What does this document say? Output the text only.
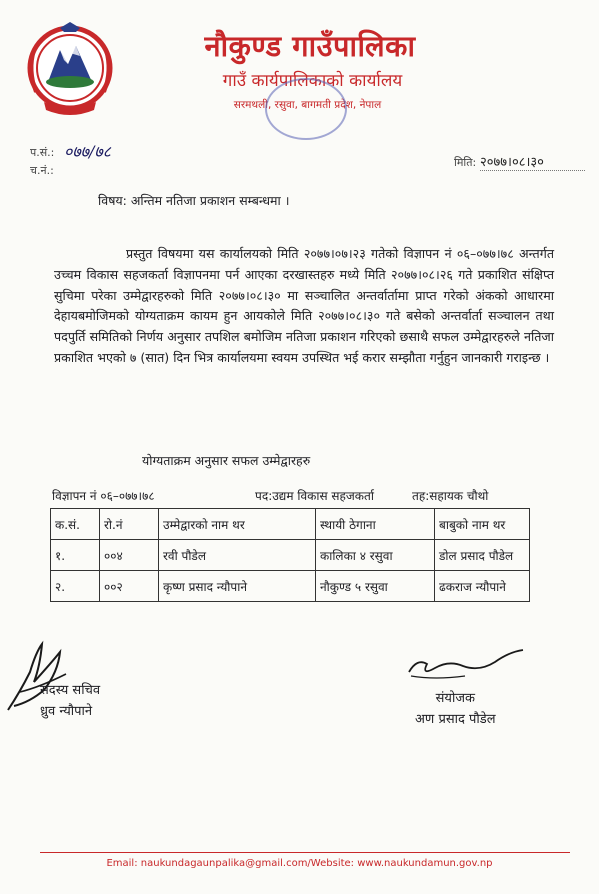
नौकुण्ड गाउँपालिका
गाउँ कार्यपालिकाको कार्यालय
सरमथली, रसुवा, बागमती प्रदेश, नेपाल
प.सं.: ०७७/७८
च.नं.:
मिति: २०७७।०८।३०
विषय: अन्तिम नतिजा प्रकाशन सम्बन्धमा ।
प्रस्तुत विषयमा यस कार्यालयको मिति २०७७।०७।२३ गतेको विज्ञापन नं ०६–०७७।७८ अन्तर्गत उच्चम विकास सहजकर्ता विज्ञापनमा पर्न आएका दरखास्तहरु मध्ये मिति २०७७।०८।२६ गते प्रकाशित संक्षिप्त सुचिमा परेका उम्मेद्वारहरुको मिति २०७७।०८।३० मा सञ्चालित अन्तर्वार्तामा प्राप्त गरेको अंकको आधारमा देहायबमोजिमको योग्यताक्रम कायम हुन आयकोले मिति २०७७।०८।३० गते बसेको अन्तर्वार्ता सञ्चालन तथा पदपुर्ति समितिको निर्णय अनुसार तपशिल बमोजिम नतिजा प्रकाशन गरिएको छसाथै सफल उम्मेद्वारहरुले नतिजा प्रकाशित भएको ७ (सात) दिन भित्र कार्यालयमा स्वयम उपस्थित भई करार सम्झौता गर्नुहुन जानकारी गराइन्छ ।
योग्यताक्रम अनुसार सफल उम्मेद्वारहरु
विज्ञापन नं ०६–०७७।७८	पद:उद्यम विकास सहजकर्ता	तह:सहायक चौथो
क.सं.	रो.नं	उम्मेद्वारको नाम थर	स्थायी ठेगाना	बाबुको नाम थर
१.	००४	रवी पौडेल	कालिका ४ रसुवा	डोल प्रसाद पौडेल
२.	००२	कृष्ण प्रसाद न्यौपाने	नौकुण्ड ५ रसुवा	ढकराज न्यौपाने
सदस्य सचिव
ध्रुव न्यौपाने
संयोजक
अण प्रसाद पौडेल
Email: naukundagaunpalika@gmail.com/Website: www.naukundamun.gov.np
